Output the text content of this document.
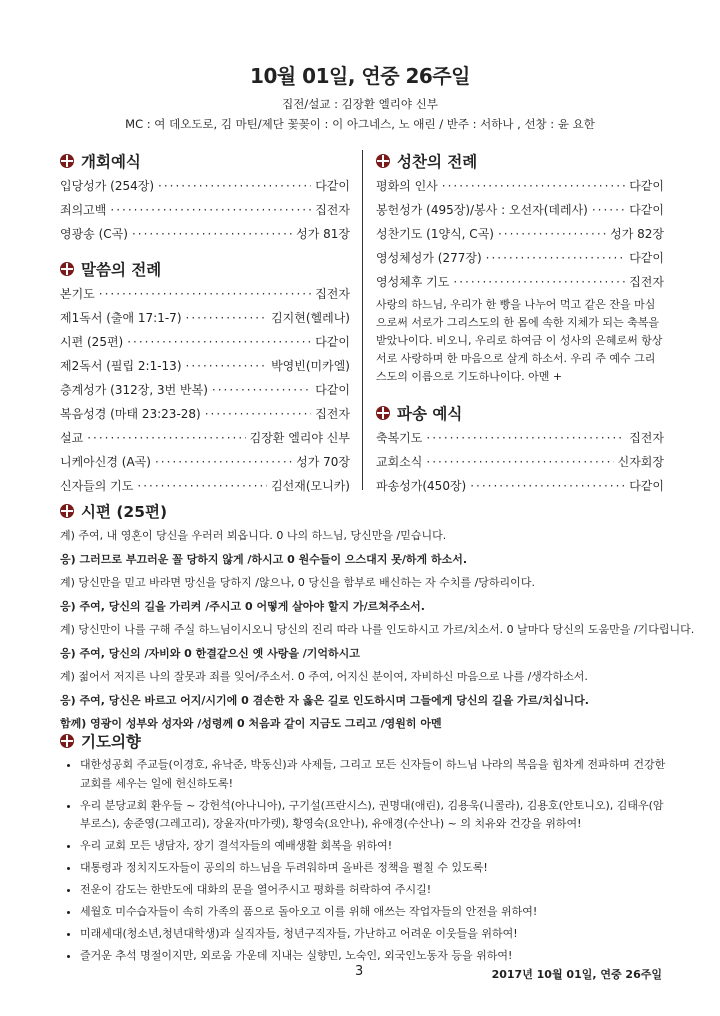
10월 01일, 연중 26주일
집전/설교 : 김장환 엘리야 신부
MC : 여 데오도로, 김 마틴/제단 꽃꽂이 : 이 아그네스, 노 애린 / 반주 : 서하나 , 선창 : 윤 요한
개회예식
입당성가 (254장) ·····	다같이
죄의고백 ·····	집전자
영광송 (C곡) ·····	성가 81장
말씀의 전례
본기도 ·····	집전자
제1독서 (출애 17:1-7) ·····	김지현(헬레나)
시편 (25편) ·····	다같이
제2독서 (필립 2:1-13) ·····	박영빈(미카엘)
층계성가 (312장, 3번 반복) ·····	다같이
복음성경 (마태 23:23-28) ·····	집전자
설교 ·····	김장환 엘리야 신부
니케아신경 (A곡) ·····	성가 70장
신자들의 기도 ·····	김선재(모니카)
성찬의 전례
평화의 인사 ·····	다같이
봉헌성가 (495장)/봉사 : 오선자(데레사) ·····	다같이
성찬기도 (1양식, C곡) ·····	성가 82장
영성체성가 (277장) ·····	다같이
영성체후 기도 ·····	집전자
사랑의 하느님, 우리가 한 빵을 나누어 먹고 같은 잔을 마심으로써 서로가 그리스도의 한 몸에 속한 지체가 되는 축복을 받았나이다. 비오니, 우리로 하여금 이 성사의 은혜로써 항상 서로 사랑하며 한 마음으로 살게 하소서. 우리 주 예수 그리스도의 이름으로 기도하나이다. 아멘 +
파송 예식
축복기도 ·····	집전자
교회소식 ·····	신자회장
파송성가(450장) ·····	다같이
시편 (25편)
계) 주여, 내 영혼이 당신을 우러러 뵈옵니다. 0 나의 하느님, 당신만을 /믿습니다.
응) 그러므로 부끄러운 꼴 당하지 않게 /하시고 0 원수들이 으스대지 못/하게 하소서.
계) 당신만을 믿고 바라면 망신을 당하지 /않으나, 0 당신을 함부로 배신하는 자 수치를 /당하리이다.
응) 주여, 당신의 길을 가리켜 /주시고 0 어떻게 살아야 할지 가/르쳐주소서.
계) 당신만이 나를 구해 주실 하느님이시오니 당신의 진리 따라 나를 인도하시고 가르/치소서. 0 날마다 당신의 도움만을 /기다립니다.
응) 주여, 당신의 /자비와 0 한결같으신 옛 사랑을 /기억하시고
계) 젊어서 저지른 나의 잘못과 죄를 잊어/주소서. 0 주여, 어지신 분이여, 자비하신 마음으로 나를 /생각하소서.
응) 주여, 당신은 바르고 어지/시기에 0 겸손한 자 옳은 길로 인도하시며 그들에게 당신의 길을 가르/치십니다.
함께) 영광이 성부와 성자와 /성령께 0 처음과 같이 지금도 그리고 /영원히 아멘
기도의향
• 대한성공회 주교들(이경호, 유낙준, 박동신)과 사제들, 그리고 모든 신자들이 하느님 나라의 복음을 힘차게 전파하며 건강한 교회를 세우는 일에 헌신하도록!
• 우리 분당교회 환우들 ~ 강헌석(아나니아), 구기설(프란시스), 권명대(애린), 김용욱(니콜라), 김용호(안토니오), 김태우(암부로스), 송준영(그레고리), 장윤자(마가렛), 황영숙(요안나), 유애경(수산나) ~ 의 치유와 건강을 위하여!
• 우리 교회 모든 냉담자, 장기 결석자들의 예배생활 회복을 위하여!
• 대통령과 정치지도자들이 공의의 하느님을 두려워하며 올바른 정책을 펼칠 수 있도록!
• 전운이 감도는 한반도에 대화의 문을 열어주시고 평화를 허락하여 주시길!
• 세월호 미수습자들이 속히 가족의 품으로 돌아오고 이를 위해 애쓰는 작업자들의 안전을 위하여!
• 미래세대(청소년,청년대학생)과 실직자들, 청년구직자들, 가난하고 어려운 이웃들을 위하여!
• 즐거운 추석 명절이지만, 외로움 가운데 지내는 실향민, 노숙인, 외국인노동자 등을 위하여!
3	2017년 10월 01일, 연중 26주일
